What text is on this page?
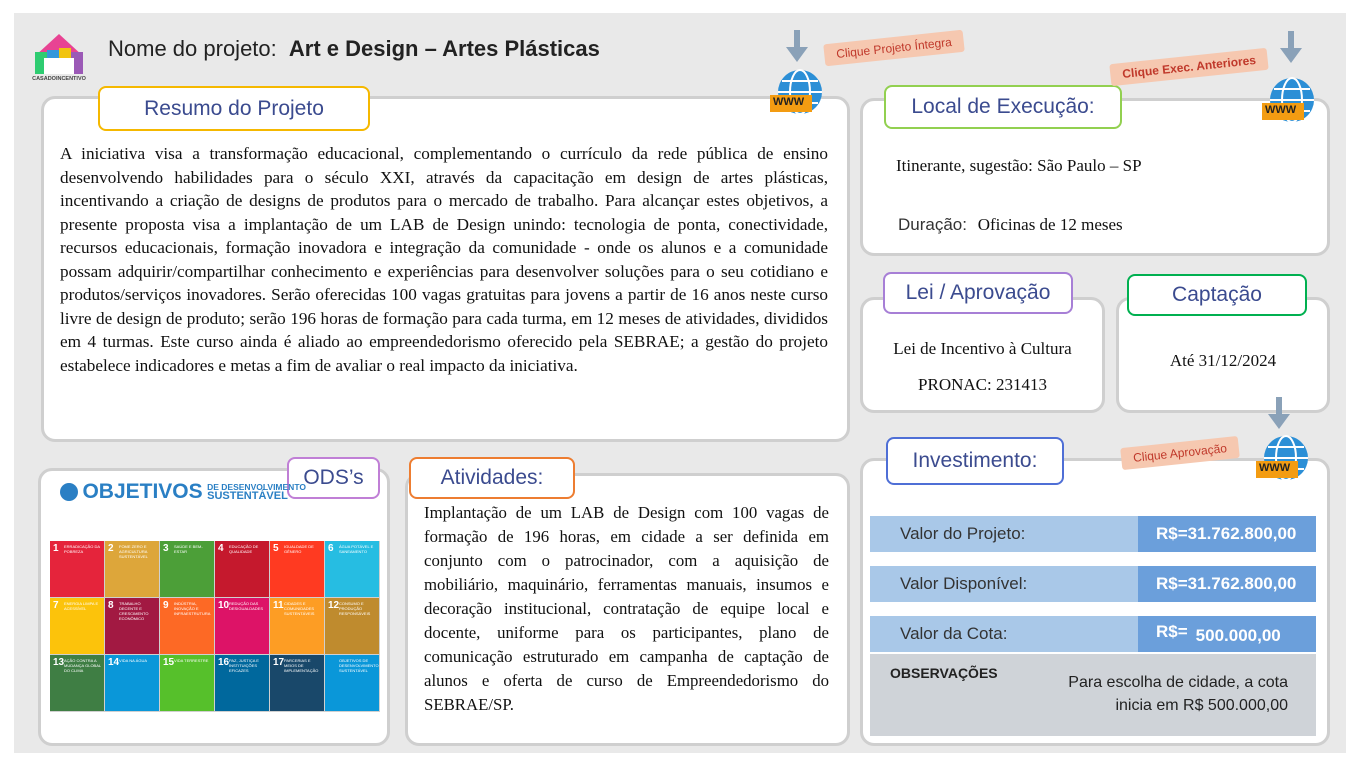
CASADOINCENTIVO
Nome do projeto: Art e Design – Artes Plásticas
Resumo do Projeto
A iniciativa visa a transformação educacional, complementando o currículo da rede pública de ensino desenvolvendo habilidades para o século XXI, através da capacitação em design de artes plásticas, incentivando a criação de designs de produtos para o mercado de trabalho. Para alcançar estes objetivos, a presente proposta visa a implantação de um LAB de Design unindo: tecnologia de ponta, conectividade, recursos educacionais, formação inovadora e integração da comunidade - onde os alunos e a comunidade possam adquirir/compartilhar conhecimento e experiências para desenvolver soluções para o seu cotidiano e produtos/serviços inovadores. Serão oferecidas 100 vagas gratuitas para jovens a partir de 16 anos neste curso livre de design de produto; serão 196 horas de formação para cada turma, em 12 meses de atividades, divididos em 4 turmas. Este curso ainda é aliado ao empreendedorismo oferecido pela SEBRAE; a gestão do projeto estabelece indicadores e metas a fim de avaliar o real impacto da iniciativa.
Clique Projeto Íntegra
WWW	Local de Execução:
Itinerante, sugestão: São Paulo – SP
Duração: Oficinas de 12 meses
Clique Exec. Anteriores
WWW
Lei / Aprovação
Lei de Incentivo à Cultura
PRONAC: 231413
Captação
Até 31/12/2024
ODS’s
OBJETIVOS DE DESENVOLVIMENTO
SUSTENTÁVEL
1 ERRADICAÇÃO DA POBREZA	2 FOME ZERO E AGRICULTURA SUSTENTÁVEL
3 SAÚDE E BEM-ESTAR	4 EDUCAÇÃO DE QUALIDADE	5 IGUALDADE DE GÊNERO	6 ÁGUA POTÁVEL E SANEAMENTO
7 ENERGIA LIMPA E ACESSÍVEL	8 TRABALHO DECENTE E CRESCIMENTO ECONÔMICO
9 INDÚSTRIA, INOVAÇÃO E INFRAESTRUTURA
10 REDUÇÃO DAS DESIGUALDADES 11 CIDADES E COMUNIDADES SUSTENTÁVEIS
12 CONSUMO E PRODUÇÃO RESPONSÁVEIS
13 AÇÃO CONTRA A MUDANÇA GLOBAL DO CLIMA
14 VIDA NA ÁGUA	15 VIDA TERRESTRE 16 PAZ, JUSTIÇA E INSTITUIÇÕES EFICAZES
17 PARCERIAS E MEIOS DE IMPLEMENTAÇÃO
OBJETIVOS DE DESENVOLVIMENTO SUSTENTÁVEL
Atividades:
Implantação de um LAB de Design com 100 vagas de formação de 196 horas, em cidade a ser definida em conjunto com o patrocinador, com a aquisição de mobiliário, maquinário, ferramentas manuais, insumos e decoração institucional, contratação de equipe local e docente, uniforme para os participantes, plano de comunicação estruturado em campanha de captação de alunos e oferta de curso de Empreendedorismo do SEBRAE/SP.
Investimento:	Clique Aprovação
WWW
Valor do Projeto:	R$=31.762.800,00
Valor Disponível:	R$=31.762.800,00
Valor da Cota:	R$= 500.000,00
OBSERVAÇÕES
Para escolha de cidade, a cota
inicia em R$ 500.000,00
